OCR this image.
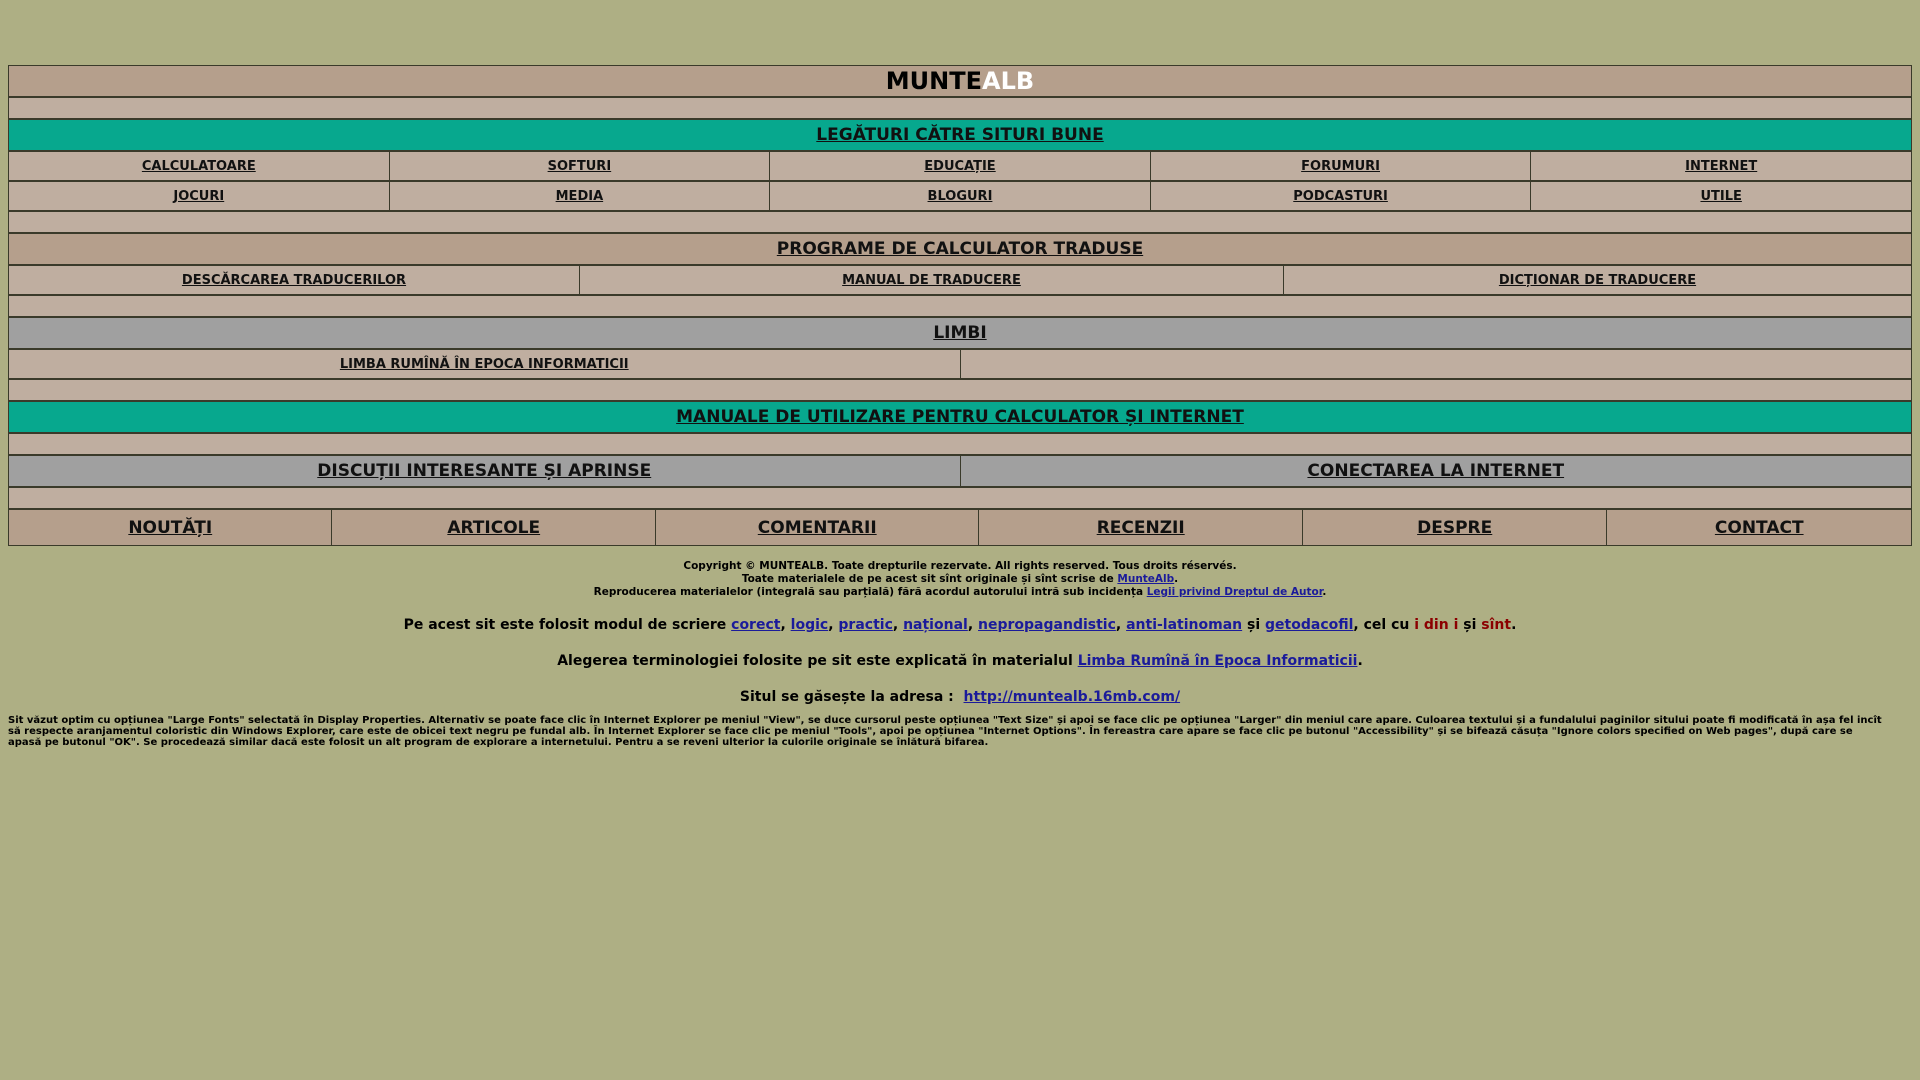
MUNTEALB
LEGĂTURI CĂTRE SITURI BUNE
CALCULATOARE	SOFTURI	EDUCAȚIE	FORUMURI	INTERNET
JOCURI	MEDIA	BLOGURI	PODCASTURI	UTILE
PROGRAME DE CALCULATOR TRADUSE
DESCĂRCAREA TRADUCERILOR	MANUAL DE TRADUCERE	DICȚIONAR DE TRADUCERE
LIMBI
LIMBA RUMÎNĂ ÎN EPOCA INFORMATICII	
MANUALE DE UTILIZARE PENTRU CALCULATOR ȘI INTERNET
DISCUȚII INTERESANTE ȘI APRINSE	CONECTAREA LA INTERNET
NOUTĂȚI	ARTICOLE	COMENTARII	RECENZII	DESPRE	CONTACT
Copyright © MUNTEALB. Toate drepturile rezervate. All rights reserved. Tous droits réservés.
Toate materialele de pe acest sit sînt originale și sînt scrise de MunteAlb.
Reproducerea materialelor (integrală sau parțială) fără acordul autorului intră sub incidența Legii privind Dreptul de Autor.
Pe acest sit este folosit modul de scriere corect, logic, practic, național, nepropagandistic, anti-latinoman și getodacofil, cel cu i din i și sînt.
Alegerea terminologiei folosite pe sit este explicată în materialul Limba Rumînă în Epoca Informaticii.
Situl se găsește la adresa :  http://muntealb.16mb.com/
Sit văzut optim cu opțiunea "Large Fonts" selectată în Display Properties. Alternativ se poate face clic în Internet Explorer pe meniul "View", se duce cursorul peste opțiunea "Text Size" și apoi se face clic pe opțiunea "Larger" din meniul care apare. Culoarea textului și a fundalului paginilor sitului poate fi modificată în așa fel incît să respecte aranjamentul coloristic din Windows Explorer, care este de obicei text negru pe fundal alb. În Internet Explorer se face clic pe meniul "Tools", apoi pe opțiunea "Internet Options". În fereastra care apare se face clic pe butonul "Accessibility" și se bifează căsuța "Ignore colors specified on Web pages", după care se apasă pe butonul "OK". Se procedează similar dacă este folosit un alt program de explorare a internetului. Pentru a se reveni ulterior la culorile originale se înlătură bifarea.
